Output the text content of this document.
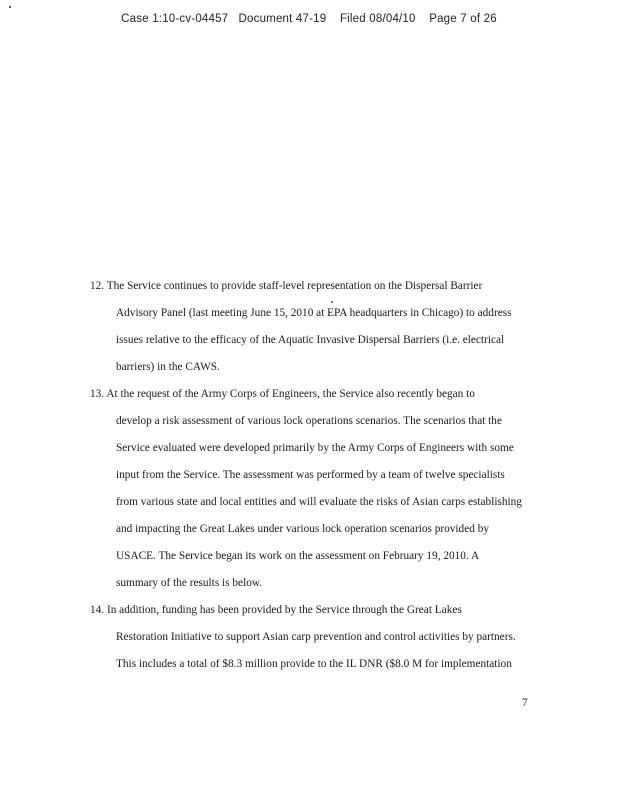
Case 1:10-cv-04457 Document 47-19 Filed 08/04/10 Page 7 of 26
12. The Service continues to provide staff-level representation on the Dispersal Barrier
Advisory Panel (last meeting June 15, 2010 at EPA headquarters in Chicago) to address
issues relative to the efficacy of the Aquatic Invasive Dispersal Barriers (i.e. electrical
barriers) in the CAWS.
13. At the request of the Army Corps of Engineers, the Service also recently began to
develop a risk assessment of various lock operations scenarios. The scenarios that the
Service evaluated were developed primarily by the Army Corps of Engineers with some
input from the Service. The assessment was performed by a team of twelve specialists
from various state and local entities and will evaluate the risks of Asian carps establishing
and impacting the Great Lakes under various lock operation scenarios provided by
USACE. The Service began its work on the assessment on February 19, 2010. A
summary of the results is below.
14. In addition, funding has been provided by the Service through the Great Lakes
Restoration Initiative to support Asian carp prevention and control activities by partners.
This includes a total of $8.3 million provide to the IL DNR ($8.0 M for implementation
7
